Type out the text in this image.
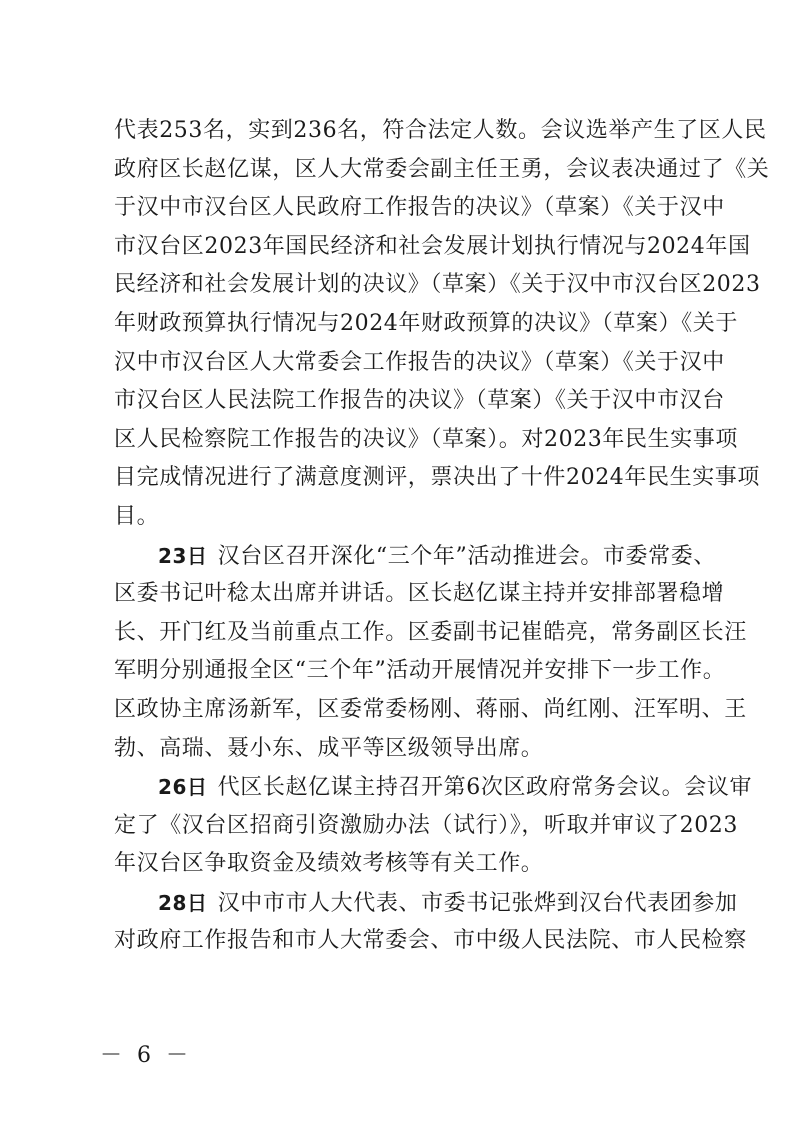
代表253名，实到236名，符合法定人数。会议选举产生了区人民
政府区长赵亿谋，区人大常委会副主任王勇，会议表决通过了《关
于汉中市汉台区人民政府工作报告的决议》（草案）《关于汉中
市汉台区2023年国民经济和社会发展计划执行情况与2024年国
民经济和社会发展计划的决议》（草案）《关于汉中市汉台区2023
年财政预算执行情况与2024年财政预算的决议》（草案）《关于
汉中市汉台区人大常委会工作报告的决议》（草案）《关于汉中
市汉台区人民法院工作报告的决议》（草案）《关于汉中市汉台
区人民检察院工作报告的决议》（草案）。对2023年民生实事项
目完成情况进行了满意度测评，票决出了十件2024年民生实事项
目。
23日 汉台区召开深化“三个年”活动推进会。市委常委、
区委书记叶稔太出席并讲话。区长赵亿谋主持并安排部署稳增
长、开门红及当前重点工作。区委副书记崔皓亮，常务副区长汪
军明分别通报全区“三个年”活动开展情况并安排下一步工作。
区政协主席汤新军，区委常委杨刚、蒋丽、尚红刚、汪军明、王
勃、高瑞、聂小东、成平等区级领导出席。
26日 代区长赵亿谋主持召开第6次区政府常务会议。会议审
定了《汉台区招商引资激励办法（试行）》，听取并审议了2023
年汉台区争取资金及绩效考核等有关工作。
28日 汉中市市人大代表、市委书记张烨到汉台代表团参加
对政府工作报告和市人大常委会、市中级人民法院、市人民检察
－ 6 －
